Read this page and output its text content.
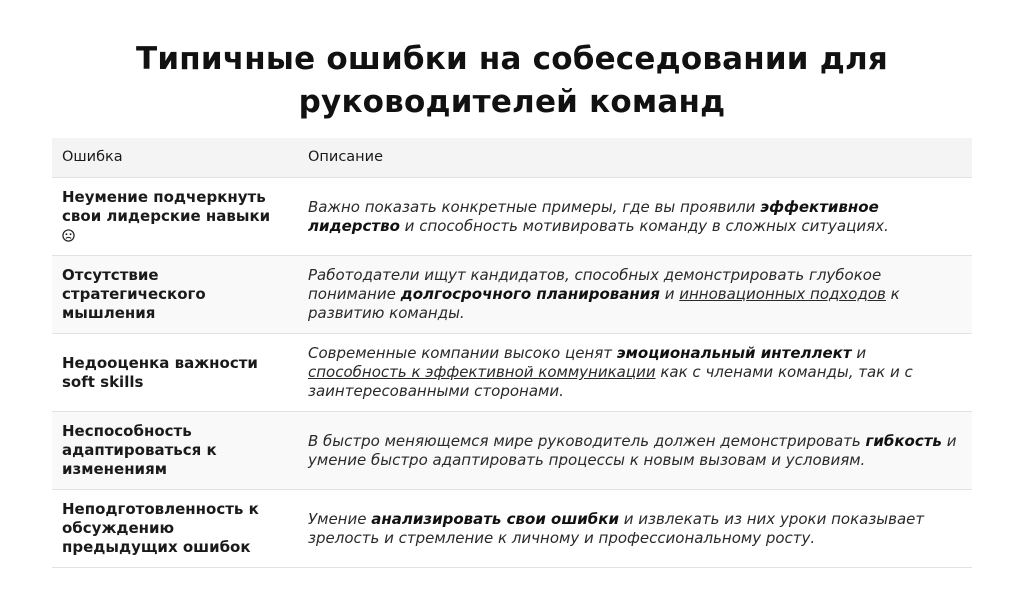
Типичные ошибки на собеседовании для
руководителей команд
Ошибка	Описание
Неумение подчеркнуть
свои лидерские навыки

Важно показать конкретные примеры, где вы проявили эффективное лидерство и способность мотивировать команду в сложных ситуациях.
Отсутствие
стратегического
мышления
Работодатели ищут кандидатов, способных демонстрировать глубокое понимание долгосрочного планирования и инновационных подходов к развитию команды.
Недооценка важности
soft skills
Современные компании высоко ценят эмоциональный интеллект и способность к эффективной коммуникации как с членами команды, так и с заинтересованными сторонами.
Неспособность
адаптироваться к
изменениям
В быстро меняющемся мире руководитель должен демонстрировать гибкость и умение быстро адаптировать процессы к новым вызовам и условиям.
Неподготовленность к
обсуждению
предыдущих ошибок
Умение анализировать свои ошибки и извлекать из них уроки показывает зрелость и стремление к личному и профессиональному росту.
